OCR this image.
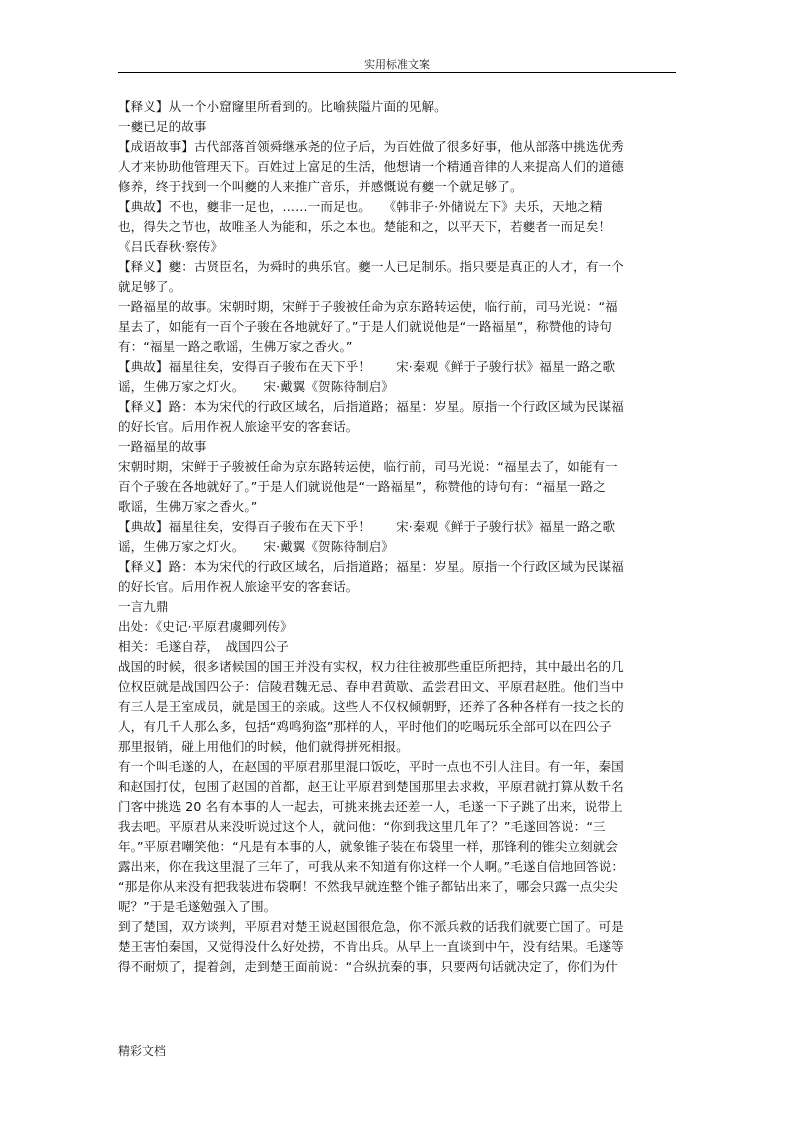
实用标准文案
【释义】从一个小窟窿里所看到的。比喻狭隘片面的见解。
一夔已足的故事
【成语故事】古代部落首领舜继承尧的位子后，为百姓做了很多好事，他从部落中挑选优秀
人才来协助他管理天下。百姓过上富足的生活，他想请一个精通音律的人来提高人们的道德
修养，终于找到一个叫夔的人来推广音乐，并感慨说有夔一个就足够了。
【典故】不也，夔非一足也，……一而足也。　　《韩非子·外储说左下》夫乐，天地之精
也，得失之节也，故唯圣人为能和，乐之本也。楚能和之，以平天下，若夔者一而足矣！
《吕氏春秋·察传》
【释义】夔：古贤臣名，为舜时的典乐官。夔一人已足制乐。指只要是真正的人才，有一个
就足够了。
一路福星的故事。宋朝时期，宋鲜于子骏被任命为京东路转运使，临行前，司马光说：“福
星去了，如能有一百个子骏在各地就好了。”于是人们就说他是“一路福星”，称赞他的诗句
有：“福星一路之歌谣，生佛万家之香火。”
【典故】福星往矣，安得百子骏布在天下乎！　　宋·秦观《鲜于子骏行状》福星一路之歌
谣，生佛万家之灯火。　　宋·戴翼《贺陈待制启》
【释义】路：本为宋代的行政区域名，后指道路；福星：岁星。原指一个行政区域为民谋福
的好长官。后用作祝人旅途平安的客套话。
一路福星的故事
宋朝时期，宋鲜于子骏被任命为京东路转运使，临行前，司马光说：“福星去了，如能有一
百个子骏在各地就好了。”于是人们就说他是“一路福星”，称赞他的诗句有：“福星一路之
歌谣，生佛万家之香火。”
【典故】福星往矣，安得百子骏布在天下乎！　　宋·秦观《鲜于子骏行状》福星一路之歌
谣，生佛万家之灯火。　　宋·戴翼《贺陈待制启》
【释义】路：本为宋代的行政区域名，后指道路；福星：岁星。原指一个行政区域为民谋福
的好长官。后用作祝人旅途平安的客套话。
一言九鼎
出处：《史记·平原君虞卿列传》
相关：毛遂自荐，　战国四公子
战国的时候，很多诸候国的国王并没有实权，权力往往被那些重臣所把持，其中最出名的几
位权臣就是战国四公子：信陵君魏无忌、春申君黄歇、孟尝君田文、平原君赵胜。他们当中
有三人是王室成员，就是国王的亲戚。这些人不仅权倾朝野，还养了各种各样有一技之长的
人，有几千人那么多，包括“鸡鸣狗盗”那样的人，平时他们的吃喝玩乐全部可以在四公子
那里报销，碰上用他们的时候，他们就得拼死相报。
有一个叫毛遂的人，在赵国的平原君那里混口饭吃，平时一点也不引人注目。有一年，秦国
和赵国打仗，包围了赵国的首都，赵王让平原君到楚国那里去求救，平原君就打算从数千名
门客中挑选 20 名有本事的人一起去，可挑来挑去还差一人，毛遂一下子跳了出来，说带上
我去吧。平原君从来没听说过这个人，就问他：“你到我这里几年了？”毛遂回答说：“三
年。”平原君嘲笑他：“凡是有本事的人，就象锥子装在布袋里一样，那锋利的锥尖立刻就会
露出来，你在我这里混了三年了，可我从来不知道有你这样一个人啊。”毛遂自信地回答说：
“那是你从来没有把我装进布袋啊！不然我早就连整个锥子都钻出来了，哪会只露一点尖尖
呢？”于是毛遂勉强入了围。
到了楚国，双方谈判，平原君对楚王说赵国很危急，你不派兵救的话我们就要亡国了。可是
楚王害怕秦国，又觉得没什么好处捞，不肯出兵。从早上一直谈到中午，没有结果。毛遂等
得不耐烦了，提着剑，走到楚王面前说：“合纵抗秦的事，只要两句话就决定了，你们为什
精彩文档
